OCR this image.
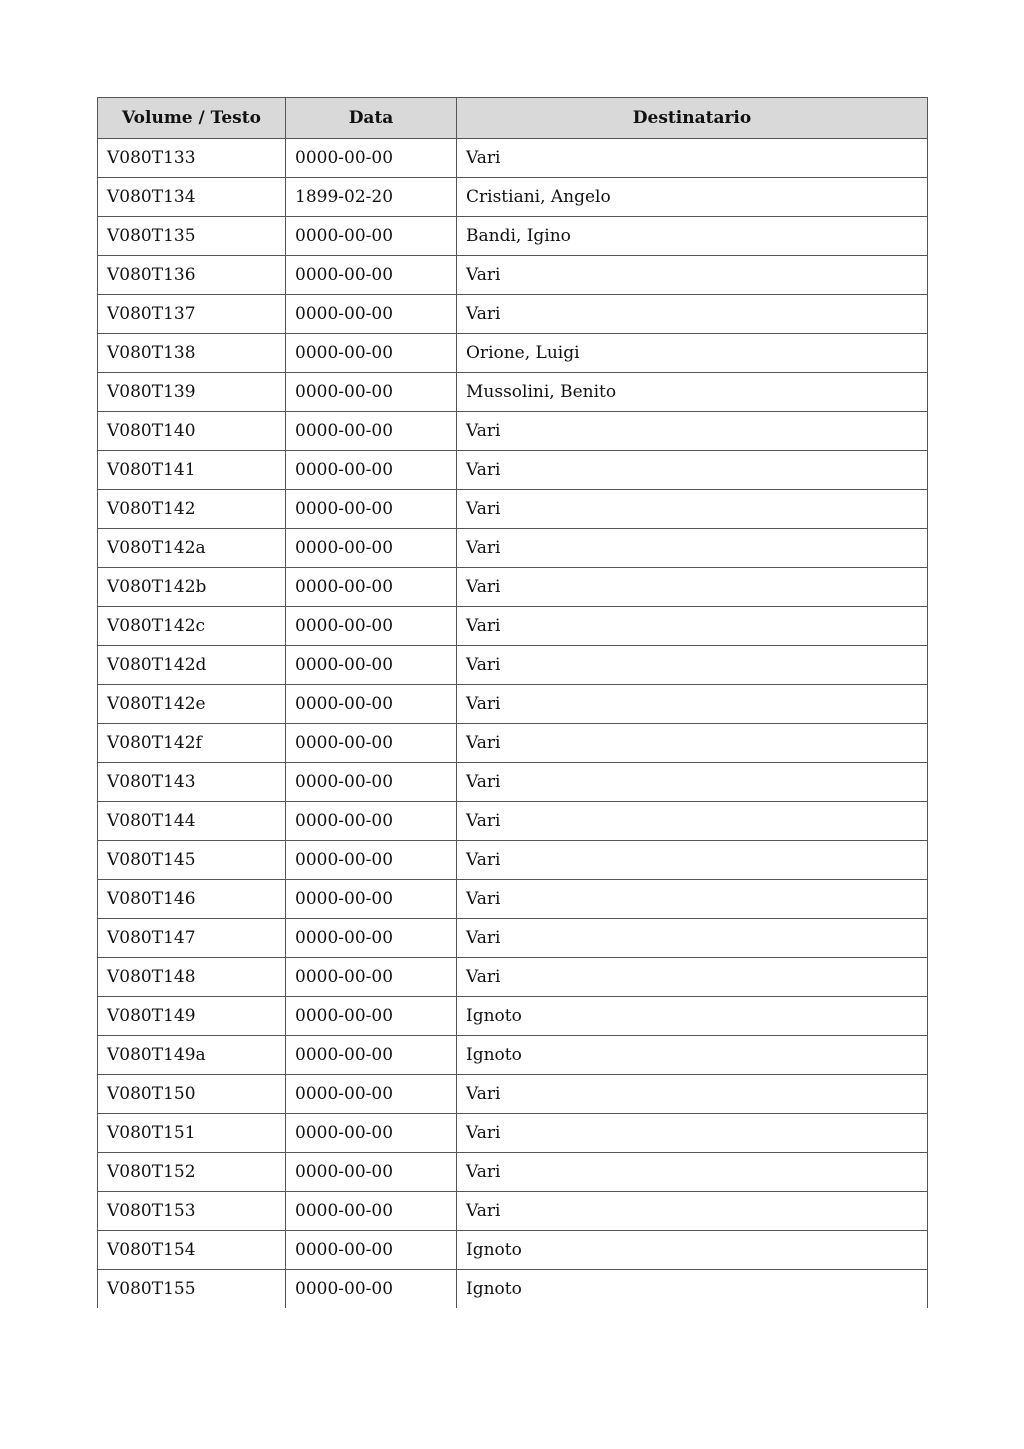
Volume / Testo	Data	Destinatario
V080T133	0000-00-00	Vari
V080T134	1899-02-20	Cristiani, Angelo
V080T135	0000-00-00	Bandi, Igino
V080T136	0000-00-00	Vari
V080T137	0000-00-00	Vari
V080T138	0000-00-00	Orione, Luigi
V080T139	0000-00-00	Mussolini, Benito
V080T140	0000-00-00	Vari
V080T141	0000-00-00	Vari
V080T142	0000-00-00	Vari
V080T142a	0000-00-00	Vari
V080T142b	0000-00-00	Vari
V080T142c	0000-00-00	Vari
V080T142d	0000-00-00	Vari
V080T142e	0000-00-00	Vari
V080T142f	0000-00-00	Vari
V080T143	0000-00-00	Vari
V080T144	0000-00-00	Vari
V080T145	0000-00-00	Vari
V080T146	0000-00-00	Vari
V080T147	0000-00-00	Vari
V080T148	0000-00-00	Vari
V080T149	0000-00-00	Ignoto
V080T149a	0000-00-00	Ignoto
V080T150	0000-00-00	Vari
V080T151	0000-00-00	Vari
V080T152	0000-00-00	Vari
V080T153	0000-00-00	Vari
V080T154	0000-00-00	Ignoto
V080T155	0000-00-00	Ignoto
